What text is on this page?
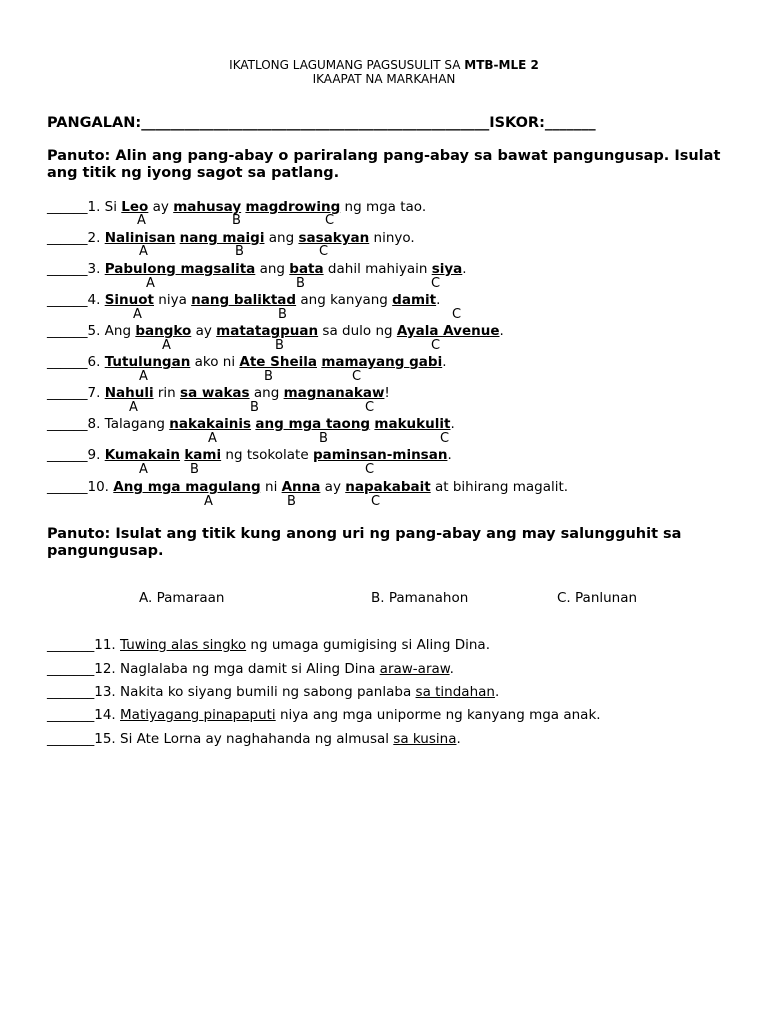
IKATLONG LAGUMANG PAGSUSULIT SA MTB-MLE 2
IKAAPAT NA MARKAHAN
PANGALAN:________________________________________________ISKOR:_______
Panuto: Alin ang pang-abay o pariralang pang-abay sa bawat pangungusap. Isulat ang titik ng iyong sagot sa patlang.
______1. Si Leo ay mahusay magdrowing ng mga tao.
A	B	C
______2. Nalinisan nang maigi ang sasakyan ninyo.
A	B	C
______3. Pabulong magsalita ang bata dahil mahiyain siya.
A	B	C
______4. Sinuot niya nang baliktad ang kanyang damit.
A	B	C
______5. Ang bangko ay matatagpuan sa dulo ng Ayala Avenue.
A	B	C
______6. Tutulungan ako ni Ate Sheila mamayang gabi.
A	B	C
______7. Nahuli rin sa wakas ang magnanakaw!
A	B	C
______8. Talagang nakakainis ang mga taong makukulit.
A	B	C
______9. Kumakain kami ng tsokolate paminsan-minsan.
A	B	C
______10. Ang mga magulang ni Anna ay napakabait at bihirang magalit.
A	B	C
Panuto: Isulat ang titik kung anong uri ng pang-abay ang may salungguhit sa pangungusap.
A. Pamaraan	B. Pamanahon	C. Panlunan
_______11. Tuwing alas singko ng umaga gumigising si Aling Dina.
_______12. Naglalaba ng mga damit si Aling Dina araw-araw.
_______13. Nakita ko siyang bumili ng sabong panlaba sa tindahan.
_______14. Matiyagang pinapaputi niya ang mga uniporme ng kanyang mga anak.
_______15. Si Ate Lorna ay naghahanda ng almusal sa kusina.
